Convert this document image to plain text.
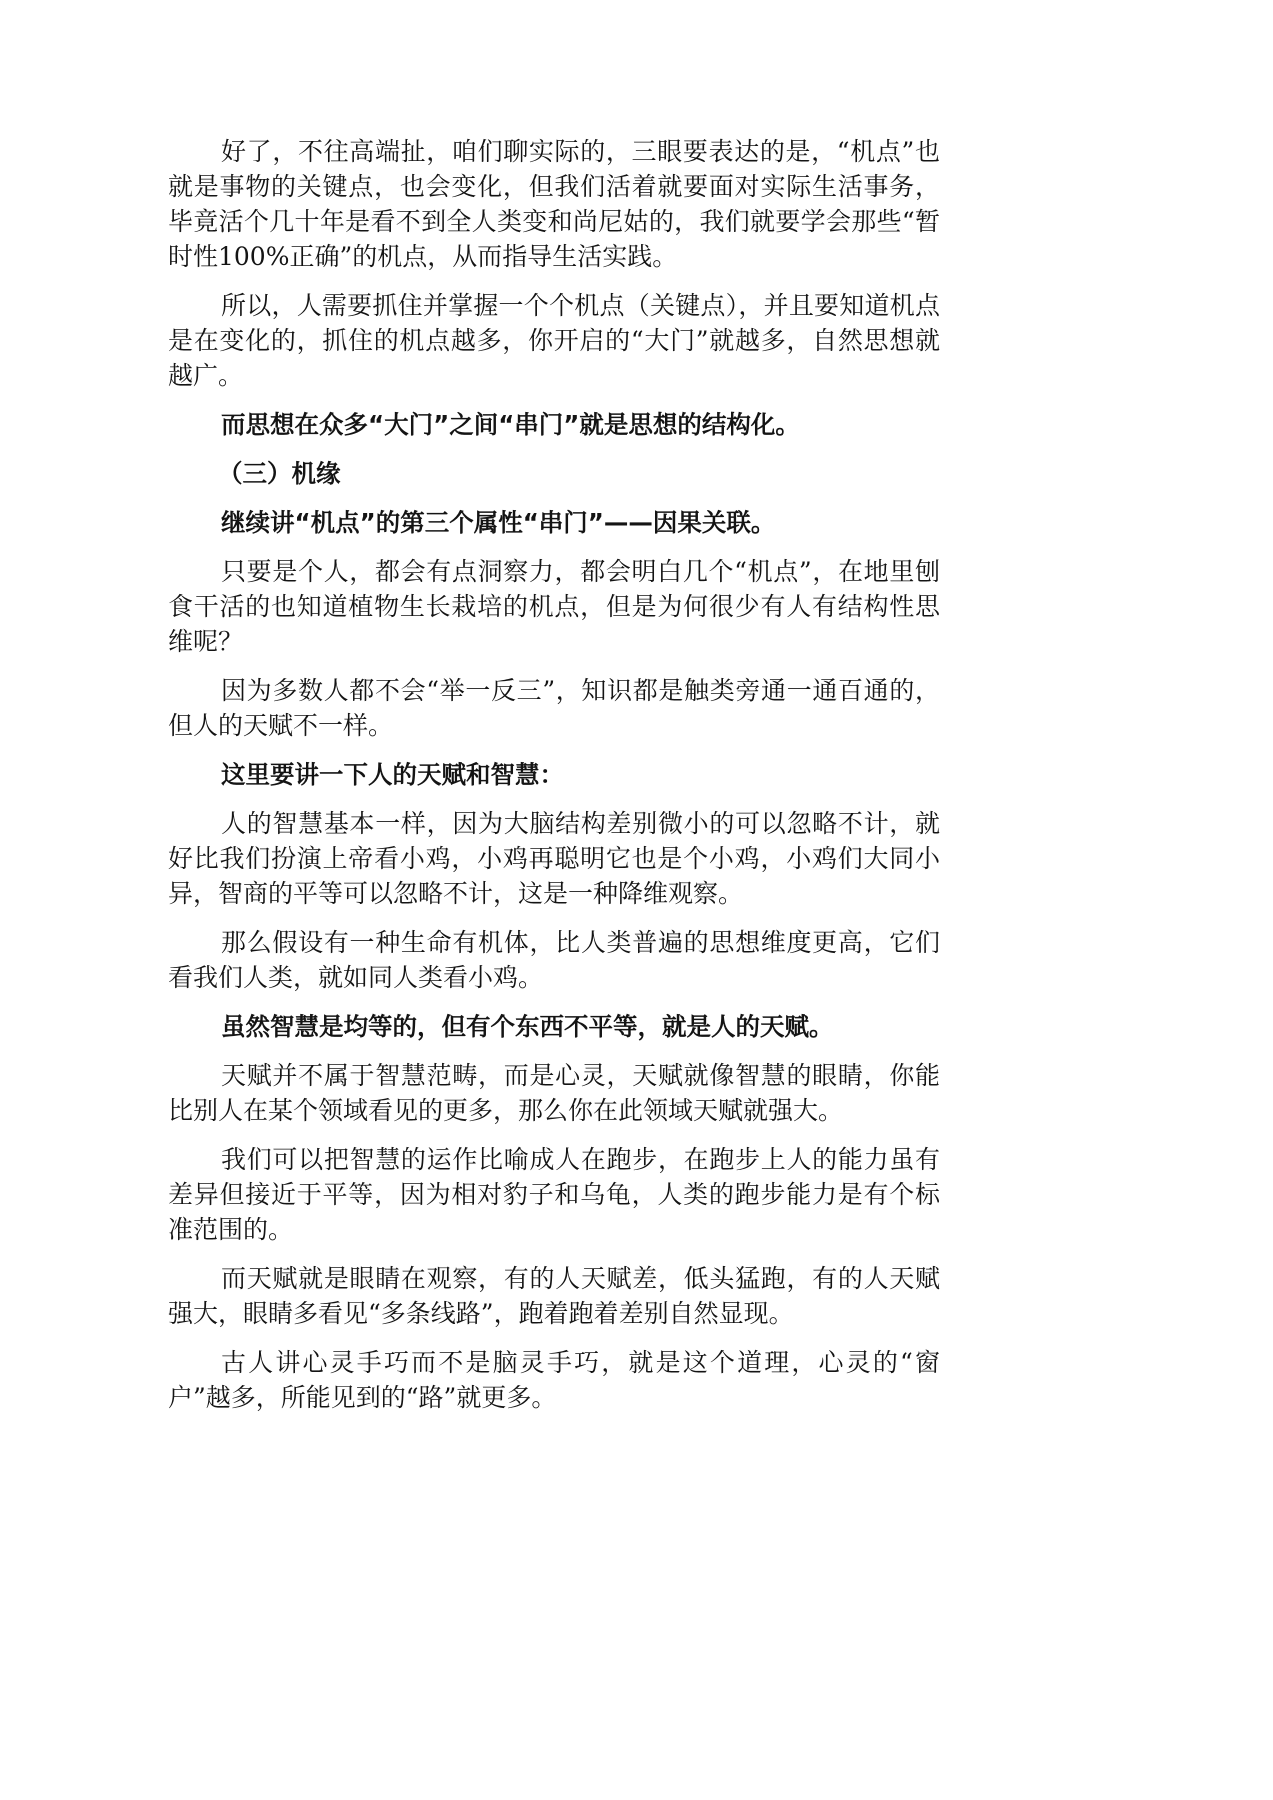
好了，不往高端扯，咱们聊实际的，三眼要表达的是，“机点”也就是事物的关键点，也会变化，但我们活着就要面对实际生活事务，毕竟活个几十年是看不到全人类变和尚尼姑的，我们就要学会那些“暂时性100%正确”的机点，从而指导生活实践。

所以，人需要抓住并掌握一个个机点（关键点），并且要知道机点是在变化的，抓住的机点越多，你开启的“大门”就越多，自然思想就越广。

而思想在众多“大门”之间“串门”就是思想的结构化。

（三）机缘

继续讲“机点”的第三个属性“串门”——因果关联。

只要是个人，都会有点洞察力，都会明白几个“机点”，在地里刨食干活的也知道植物生长栽培的机点，但是为何很少有人有结构性思维呢？

因为多数人都不会“举一反三”，知识都是触类旁通一通百通的，但人的天赋不一样。

这里要讲一下人的天赋和智慧：

人的智慧基本一样，因为大脑结构差别微小的可以忽略不计，就好比我们扮演上帝看小鸡，小鸡再聪明它也是个小鸡，小鸡们大同小异，智商的平等可以忽略不计，这是一种降维观察。

那么假设有一种生命有机体，比人类普遍的思想维度更高，它们看我们人类，就如同人类看小鸡。

虽然智慧是均等的，但有个东西不平等，就是人的天赋。

天赋并不属于智慧范畴，而是心灵，天赋就像智慧的眼睛，你能比别人在某个领域看见的更多，那么你在此领域天赋就强大。

我们可以把智慧的运作比喻成人在跑步，在跑步上人的能力虽有差异但接近于平等，因为相对豹子和乌龟，人类的跑步能力是有个标准范围的。

而天赋就是眼睛在观察，有的人天赋差，低头猛跑，有的人天赋强大，眼睛多看见“多条线路”，跑着跑着差别自然显现。

古人讲心灵手巧而不是脑灵手巧，就是这个道理，心灵的“窗户”越多，所能见到的“路”就更多。
